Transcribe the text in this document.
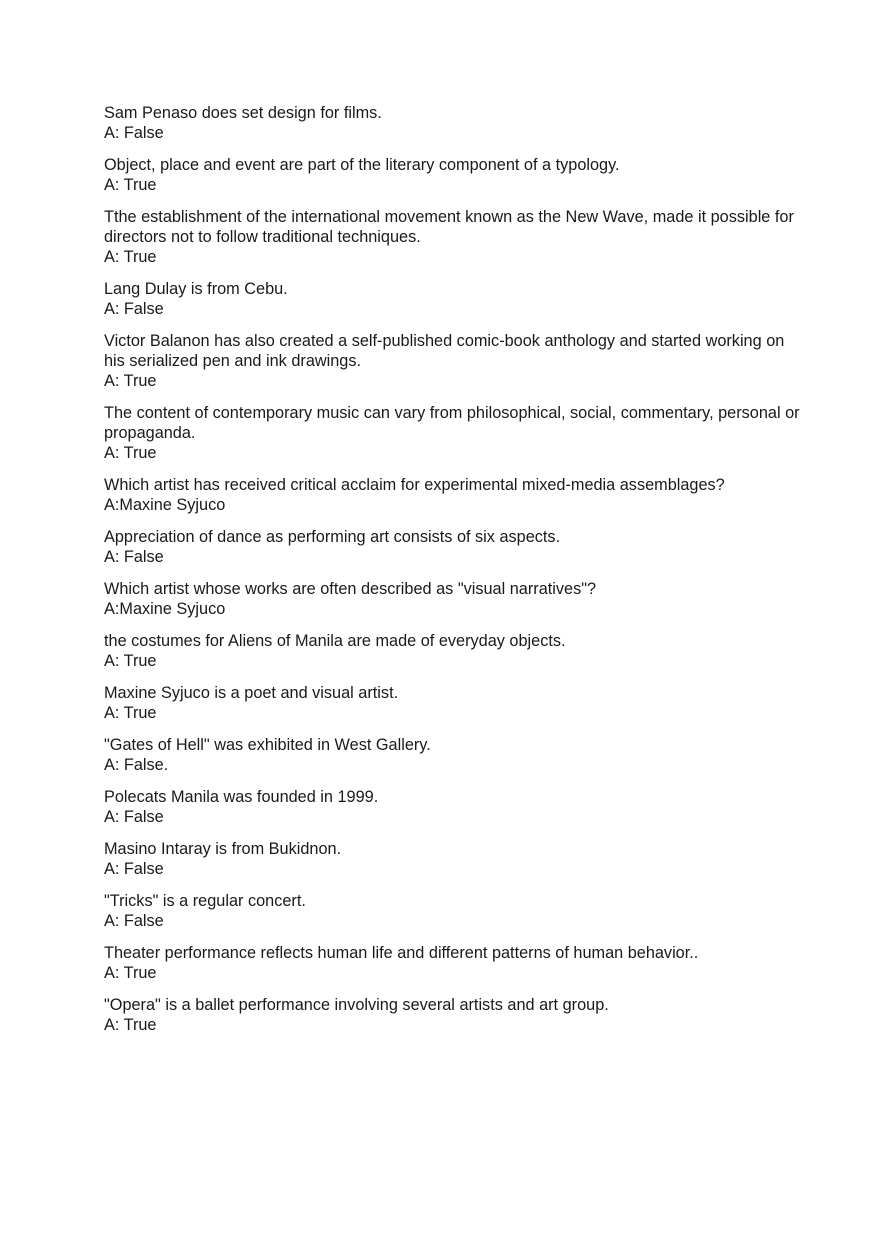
Sam Penaso does set design for films.
A: False
Object, place and event are part of the literary component of a typology.
A: True
Tthe establishment of the international movement known as the New Wave, made it possible for directors not to follow traditional techniques.
A: True
Lang Dulay is from Cebu.
A: False
Victor Balanon has also created a self-published comic-book anthology and started working on his serialized pen and ink drawings.
A: True
The content of contemporary music can vary from philosophical, social, commentary, personal or propaganda.
A: True
Which artist has received critical acclaim for experimental mixed-media assemblages?
A:Maxine Syjuco
Appreciation of dance as performing art consists of six aspects.
A: False
Which artist whose works are often described as "visual narratives"?
A:Maxine Syjuco
the costumes for Aliens of Manila are made of everyday objects.
A: True
Maxine Syjuco is a poet and visual artist.
A: True
"Gates of Hell" was exhibited in West Gallery.
A: False.
Polecats Manila was founded in 1999.
A: False
Masino Intaray is from Bukidnon.
A: False
"Tricks" is a regular concert.
A: False
Theater performance reflects human life and different patterns of human behavior..
A: True
"Opera" is a ballet performance involving several artists and art group.
A: True
